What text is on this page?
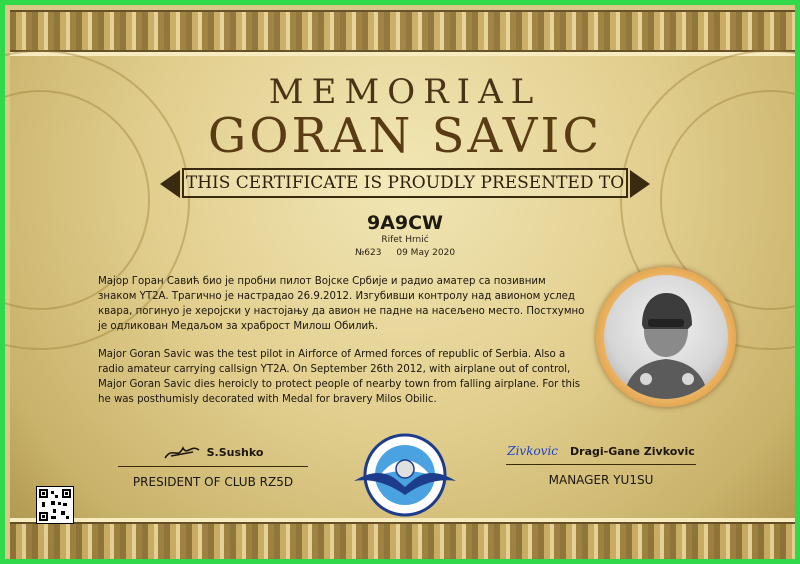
MEMORIAL
GORAN SAVIC
THIS CERTIFICATE IS PROUDLY PRESENTED TO
9A9CW
Rifet Hrnić
№623 09 May 2020
Мајор Горан Савић био је пробни пилот Војске Србије и радио аматер са позивним знаком YT2A. Трагично је настрадао 26.9.2012. Изгубивши контролу над авионом услед квара, погинуо је херојски у настојању да авион не падне на насељено место. Постхумно је одликован Медаљом за храброст Милош Обилић.
Major Goran Savic was the test pilot in Airforce of Armed forces of republic of Serbia. Also a radio amateur carrying callsign YT2A. On September 26th 2012, with airplane out of control, Major Goran Savic dies heroicly to protect people of nearby town from falling airplane. For this he was posthumisly decorated with Medal for bravery Milos Obilic.
S.Sushko
PRESIDENT OF CLUB RZ5D
Zivkovic Dragi-Gane Zivkovic
MANAGER YU1SU
